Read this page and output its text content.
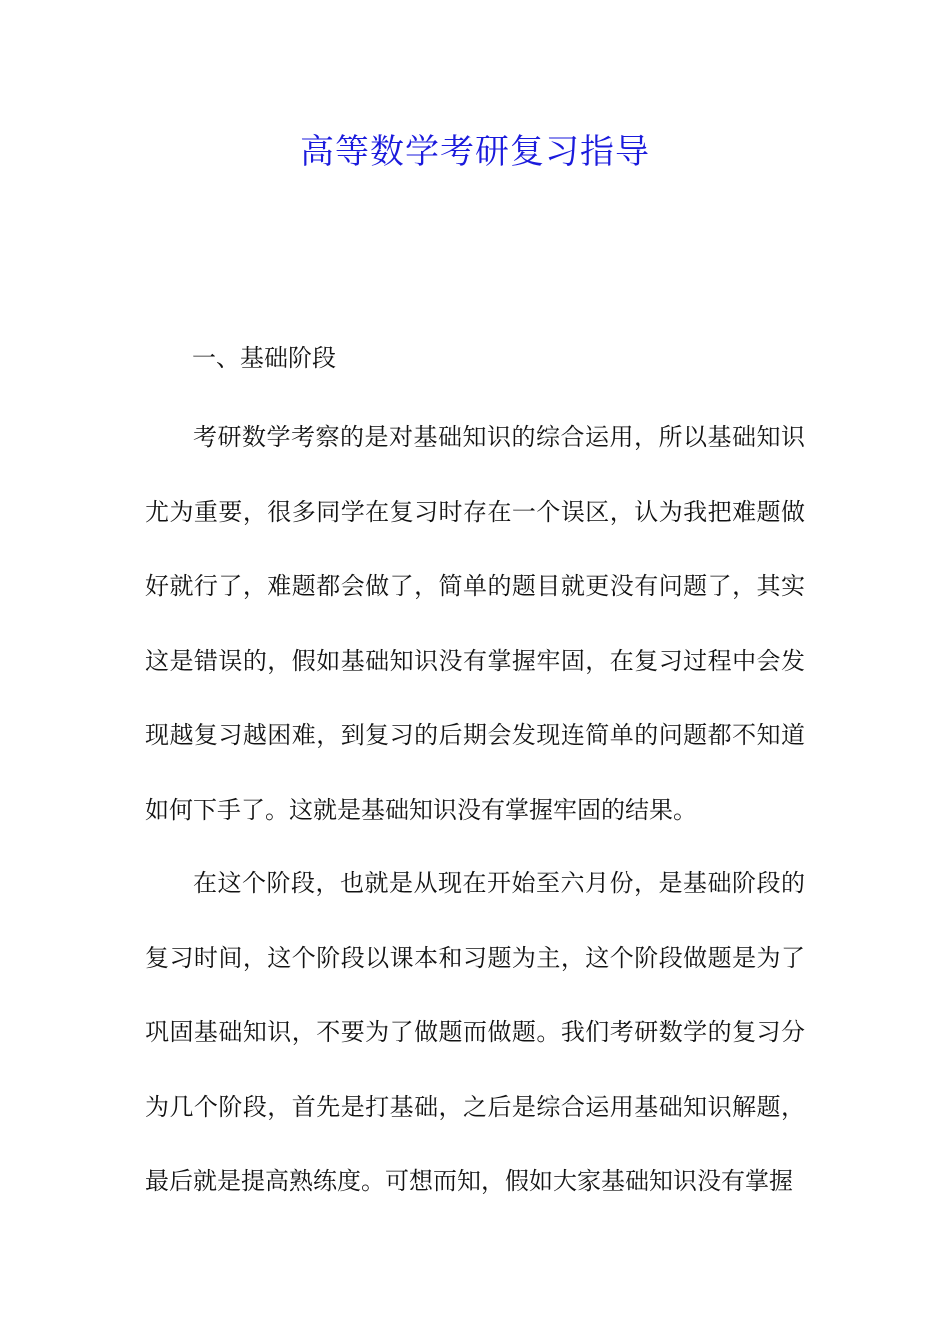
高等数学考研复习指导
一、基础阶段

考研数学考察的是对基础知识的综合运用，所以基础知识尤为重要，很多同学在复习时存在一个误区，认为我把难题做好就行了，难题都会做了，简单的题目就更没有问题了，其实这是错误的，假如基础知识没有掌握牢固，在复习过程中会发现越复习越困难，到复习的后期会发现连简单的问题都不知道如何下手了。这就是基础知识没有掌握牢固的结果。

在这个阶段，也就是从现在开始至六月份，是基础阶段的复习时间，这个阶段以课本和习题为主，这个阶段做题是为了巩固基础知识，不要为了做题而做题。我们考研数学的复习分为几个阶段，首先是打基础，之后是综合运用基础知识解题，最后就是提高熟练度。可想而知，假如大家基础知识没有掌握
